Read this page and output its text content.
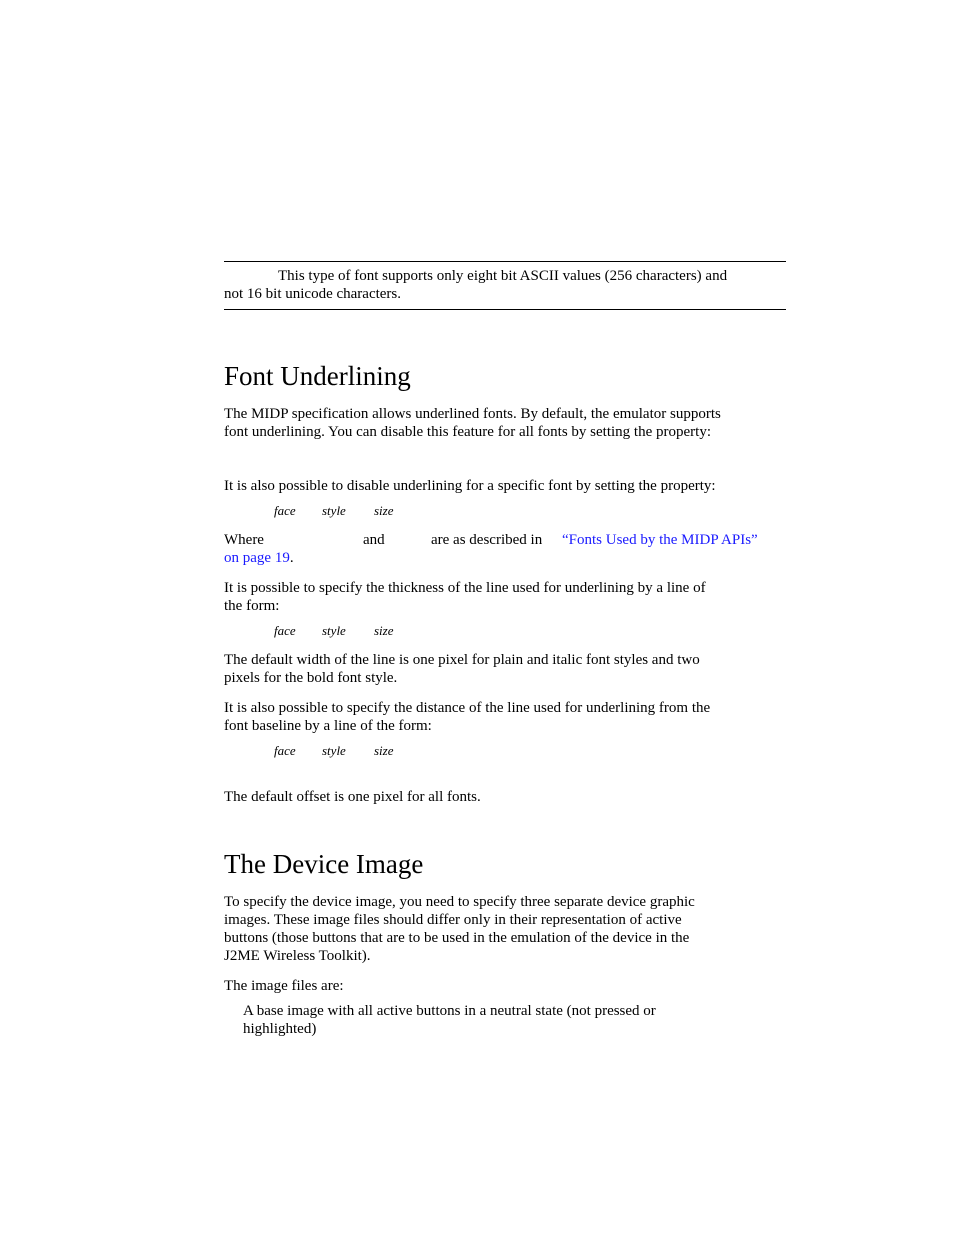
This type of font supports only eight bit ASCII values (256 characters) and
not 16 bit unicode characters.
Font Underlining
The MIDP specification allows underlined fonts. By default, the emulator supports
font underlining. You can disable this feature for all fonts by setting the property:
It is also possible to disable underlining for a specific font by setting the property:
face style size
Where	and	are as described in “Fonts Used by the MIDP APIs”
on page 19.
It is possible to specify the thickness of the line used for underlining by a line of
the form:
face style size
The default width of the line is one pixel for plain and italic font styles and two
pixels for the bold font style.
It is also possible to specify the distance of the line used for underlining from the
font baseline by a line of the form:
face style size
The default offset is one pixel for all fonts.
The Device Image
To specify the device image, you need to specify three separate device graphic
images. These image files should differ only in their representation of active
buttons (those buttons that are to be used in the emulation of the device in the
J2ME Wireless Toolkit).
The image files are:
A base image with all active buttons in a neutral state (not pressed or
highlighted)
